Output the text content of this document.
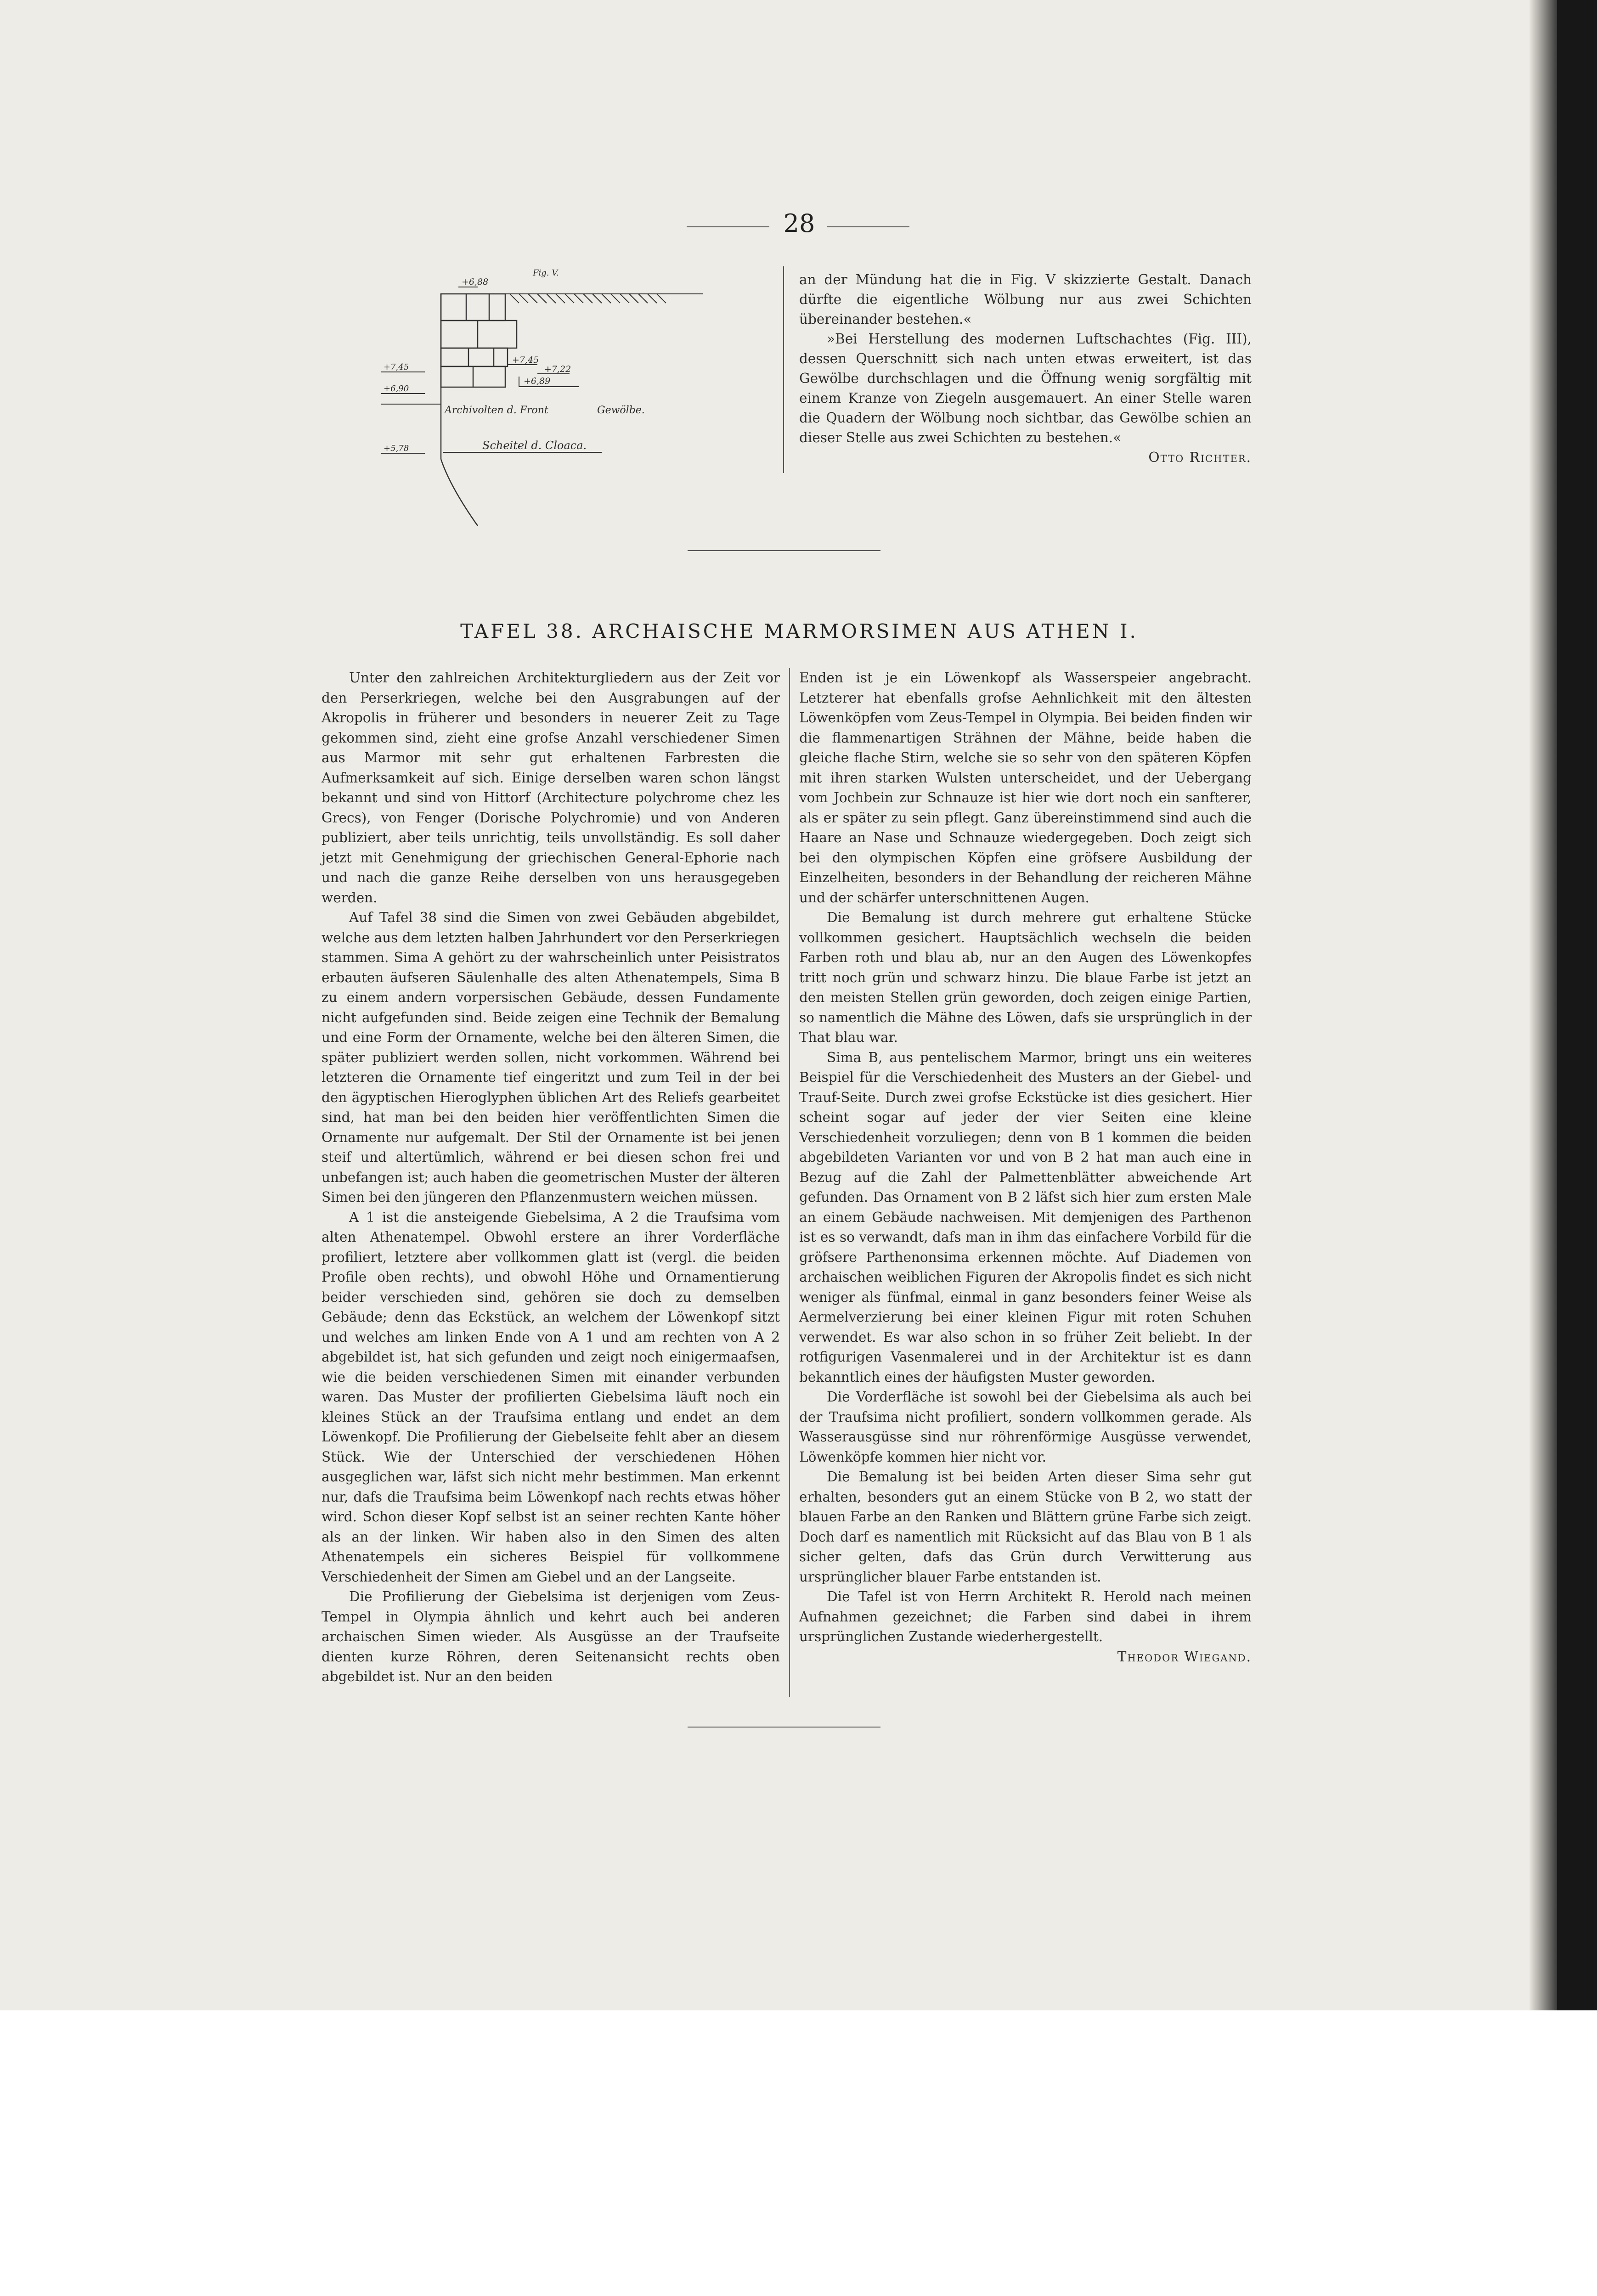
28
Fig. V.
+6,88
+7,45
+7,22
+6,89
+7,45
+6,90
Archivolten d. Front	Gewölbe.
+5,78	Scheitel d. Cloaca.

an der Mündung hat die in Fig. V skizzierte Gestalt. Danach dürfte die eigentliche Wölbung nur aus zwei Schichten übereinander bestehen.«

»Bei Herstellung des modernen Luftschachtes (Fig. III), dessen Querschnitt sich nach unten etwas erweitert, ist das Gewölbe durchschlagen und die Öffnung wenig sorgfältig mit einem Kranze von Ziegeln ausgemauert. An einer Stelle waren die Quadern der Wölbung noch sichtbar, das Gewölbe schien an dieser Stelle aus zwei Schichten zu bestehen.«

Otto Richter.

TAFEL 38. ARCHAISCHE MARMORSIMEN AUS ATHEN I.

Unter den zahlreichen Architekturgliedern aus der Zeit vor den Perserkriegen, welche bei den Ausgrabungen auf der Akropolis in früherer und besonders in neuerer Zeit zu Tage gekommen sind, zieht eine grofse Anzahl verschiedener Simen aus Marmor mit sehr gut erhaltenen Farbresten die Aufmerksamkeit auf sich. Einige derselben waren schon längst bekannt und sind von Hittorf (Architecture polychrome chez les Grecs), von Fenger (Dorische Polychromie) und von Anderen publiziert, aber teils unrichtig, teils unvollständig. Es soll daher jetzt mit Genehmigung der griechischen General-Ephorie nach und nach die ganze Reihe derselben von uns herausgegeben werden.

Auf Tafel 38 sind die Simen von zwei Gebäuden abgebildet, welche aus dem letzten halben Jahrhundert vor den Perserkriegen stammen. Sima A gehört zu der wahrscheinlich unter Peisistratos erbauten äufseren Säulenhalle des alten Athenatempels, Sima B zu einem andern vorpersischen Gebäude, dessen Fundamente nicht aufgefunden sind. Beide zeigen eine Technik der Bemalung und eine Form der Ornamente, welche bei den älteren Simen, die später publiziert werden sollen, nicht vorkommen. Während bei letzteren die Ornamente tief eingeritzt und zum Teil in der bei den ägyptischen Hieroglyphen üblichen Art des Reliefs gearbeitet sind, hat man bei den beiden hier veröffentlichten Simen die Ornamente nur aufgemalt. Der Stil der Ornamente ist bei jenen steif und altertümlich, während er bei diesen schon frei und unbefangen ist; auch haben die geometrischen Muster der älteren Simen bei den jüngeren den Pflanzenmustern weichen müssen.

A 1 ist die ansteigende Giebelsima, A 2 die Traufsima vom alten Athenatempel. Obwohl erstere an ihrer Vorderfläche profiliert, letztere aber vollkommen glatt ist (vergl. die beiden Profile oben rechts), und obwohl Höhe und Ornamentierung beider verschieden sind, gehören sie doch zu demselben Gebäude; denn das Eckstück, an welchem der Löwenkopf sitzt und welches am linken Ende von A 1 und am rechten von A 2 abgebildet ist, hat sich gefunden und zeigt noch einigermaafsen, wie die beiden verschiedenen Simen mit einander verbunden waren. Das Muster der profilierten Giebelsima läuft noch ein kleines Stück an der Traufsima entlang und endet an dem Löwenkopf. Die Profilierung der Giebelseite fehlt aber an diesem Stück. Wie der Unterschied der verschiedenen Höhen ausgeglichen war, läfst sich nicht mehr bestimmen. Man erkennt nur, dafs die Traufsima beim Löwenkopf nach rechts etwas höher wird. Schon dieser Kopf selbst ist an seiner rechten Kante höher als an der linken. Wir haben also in den Simen des alten Athenatempels ein sicheres Beispiel für vollkommene Verschiedenheit der Simen am Giebel und an der Langseite.

Die Profilierung der Giebelsima ist derjenigen vom Zeus-Tempel in Olympia ähnlich und kehrt auch bei anderen archaischen Simen wieder. Als Ausgüsse an der Traufseite dienten kurze Röhren, deren Seitenansicht rechts oben abgebildet ist. Nur an den beiden

Enden ist je ein Löwenkopf als Wasserspeier angebracht. Letzterer hat ebenfalls grofse Aehnlichkeit mit den ältesten Löwenköpfen vom Zeus-Tempel in Olympia. Bei beiden finden wir die flammenartigen Strähnen der Mähne, beide haben die gleiche flache Stirn, welche sie so sehr von den späteren Köpfen mit ihren starken Wulsten unterscheidet, und der Uebergang vom Jochbein zur Schnauze ist hier wie dort noch ein sanfterer, als er später zu sein pflegt. Ganz übereinstimmend sind auch die Haare an Nase und Schnauze wiedergegeben. Doch zeigt sich bei den olympischen Köpfen eine gröfsere Ausbildung der Einzelheiten, besonders in der Behandlung der reicheren Mähne und der schärfer unterschnittenen Augen.

Die Bemalung ist durch mehrere gut erhaltene Stücke vollkommen gesichert. Hauptsächlich wechseln die beiden Farben roth und blau ab, nur an den Augen des Löwenkopfes tritt noch grün und schwarz hinzu. Die blaue Farbe ist jetzt an den meisten Stellen grün geworden, doch zeigen einige Partien, so namentlich die Mähne des Löwen, dafs sie ursprünglich in der That blau war.

Sima B, aus pentelischem Marmor, bringt uns ein weiteres Beispiel für die Verschiedenheit des Musters an der Giebel- und Trauf-Seite. Durch zwei grofse Eckstücke ist dies gesichert. Hier scheint sogar auf jeder der vier Seiten eine kleine Verschiedenheit vorzuliegen; denn von B 1 kommen die beiden abgebildeten Varianten vor und von B 2 hat man auch eine in Bezug auf die Zahl der Palmettenblätter abweichende Art gefunden. Das Ornament von B 2 läfst sich hier zum ersten Male an einem Gebäude nachweisen. Mit demjenigen des Parthenon ist es so verwandt, dafs man in ihm das einfachere Vorbild für die gröfsere Parthenonsima erkennen möchte. Auf Diademen von archaischen weiblichen Figuren der Akropolis findet es sich nicht weniger als fünfmal, einmal in ganz besonders feiner Weise als Aermelverzierung bei einer kleinen Figur mit roten Schuhen verwendet. Es war also schon in so früher Zeit beliebt. In der rotfigurigen Vasenmalerei und in der Architektur ist es dann bekanntlich eines der häufigsten Muster geworden.

Die Vorderfläche ist sowohl bei der Giebelsima als auch bei der Traufsima nicht profiliert, sondern vollkommen gerade. Als Wasserausgüsse sind nur röhrenförmige Ausgüsse verwendet, Löwenköpfe kommen hier nicht vor.

Die Bemalung ist bei beiden Arten dieser Sima sehr gut erhalten, besonders gut an einem Stücke von B 2, wo statt der blauen Farbe an den Ranken und Blättern grüne Farbe sich zeigt. Doch darf es namentlich mit Rücksicht auf das Blau von B 1 als sicher gelten, dafs das Grün durch Verwitterung aus ursprünglicher blauer Farbe entstanden ist.

Die Tafel ist von Herrn Architekt R. Herold nach meinen Aufnahmen gezeichnet; die Farben sind dabei in ihrem ursprünglichen Zustande wiederhergestellt.

Theodor Wiegand.
